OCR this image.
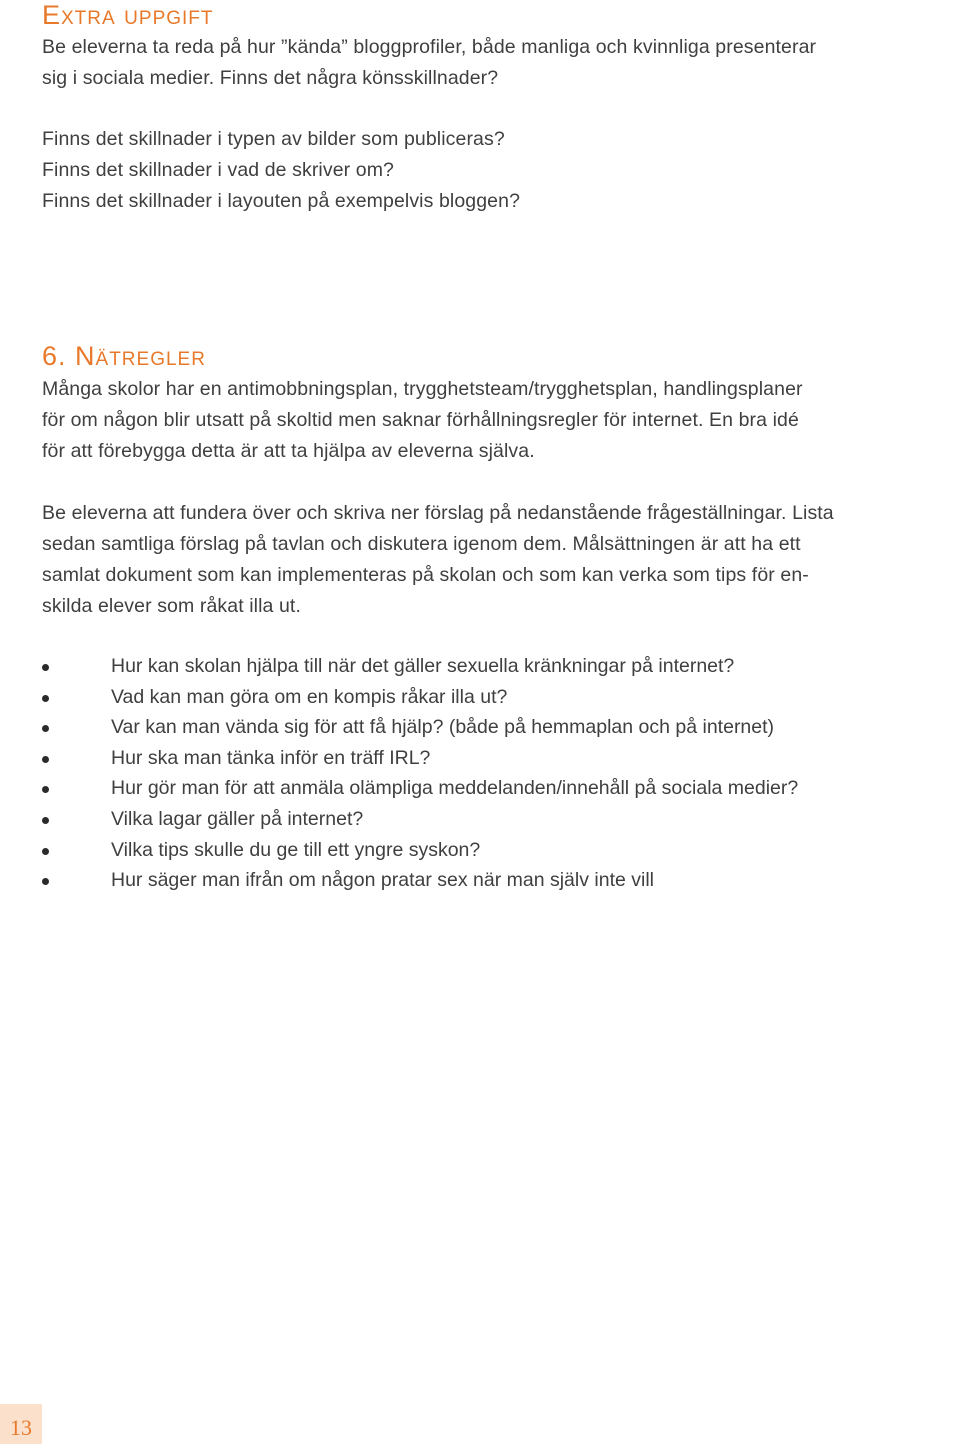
Extra uppgift

Be eleverna ta reda på hur ”kända” bloggprofiler, både manliga och kvinnliga presenterar
sig i sociala medier. Finns det några könsskillnader?

Finns det skillnader i typen av bilder som publiceras?
Finns det skillnader i vad de skriver om?
Finns det skillnader i layouten på exempelvis bloggen?

6. Nätregler

Många skolor har en antimobbningsplan, trygghetsteam/trygghetsplan, handlingsplaner
för om någon blir utsatt på skoltid men saknar förhållningsregler för internet. En bra idé
för att förebygga detta är att ta hjälpa av eleverna själva.

Be eleverna att fundera över och skriva ner förslag på nedanstående frågeställningar. Lista
sedan samtliga förslag på tavlan och diskutera igenom dem. Målsättningen är att ha ett
samlat dokument som kan implementeras på skolan och som kan verka som tips för en-
skilda elever som råkat illa ut.

Hur kan skolan hjälpa till när det gäller sexuella kränkningar på internet?
Vad kan man göra om en kompis råkar illa ut?
Var kan man vända sig för att få hjälp? (både på hemmaplan och på internet)
Hur ska man tänka inför en träff IRL?
Hur gör man för att anmäla olämpliga meddelanden/innehåll på sociala medier?
Vilka lagar gäller på internet?
Vilka tips skulle du ge till ett yngre syskon?
Hur säger man ifrån om någon pratar sex när man själv inte vill
13
